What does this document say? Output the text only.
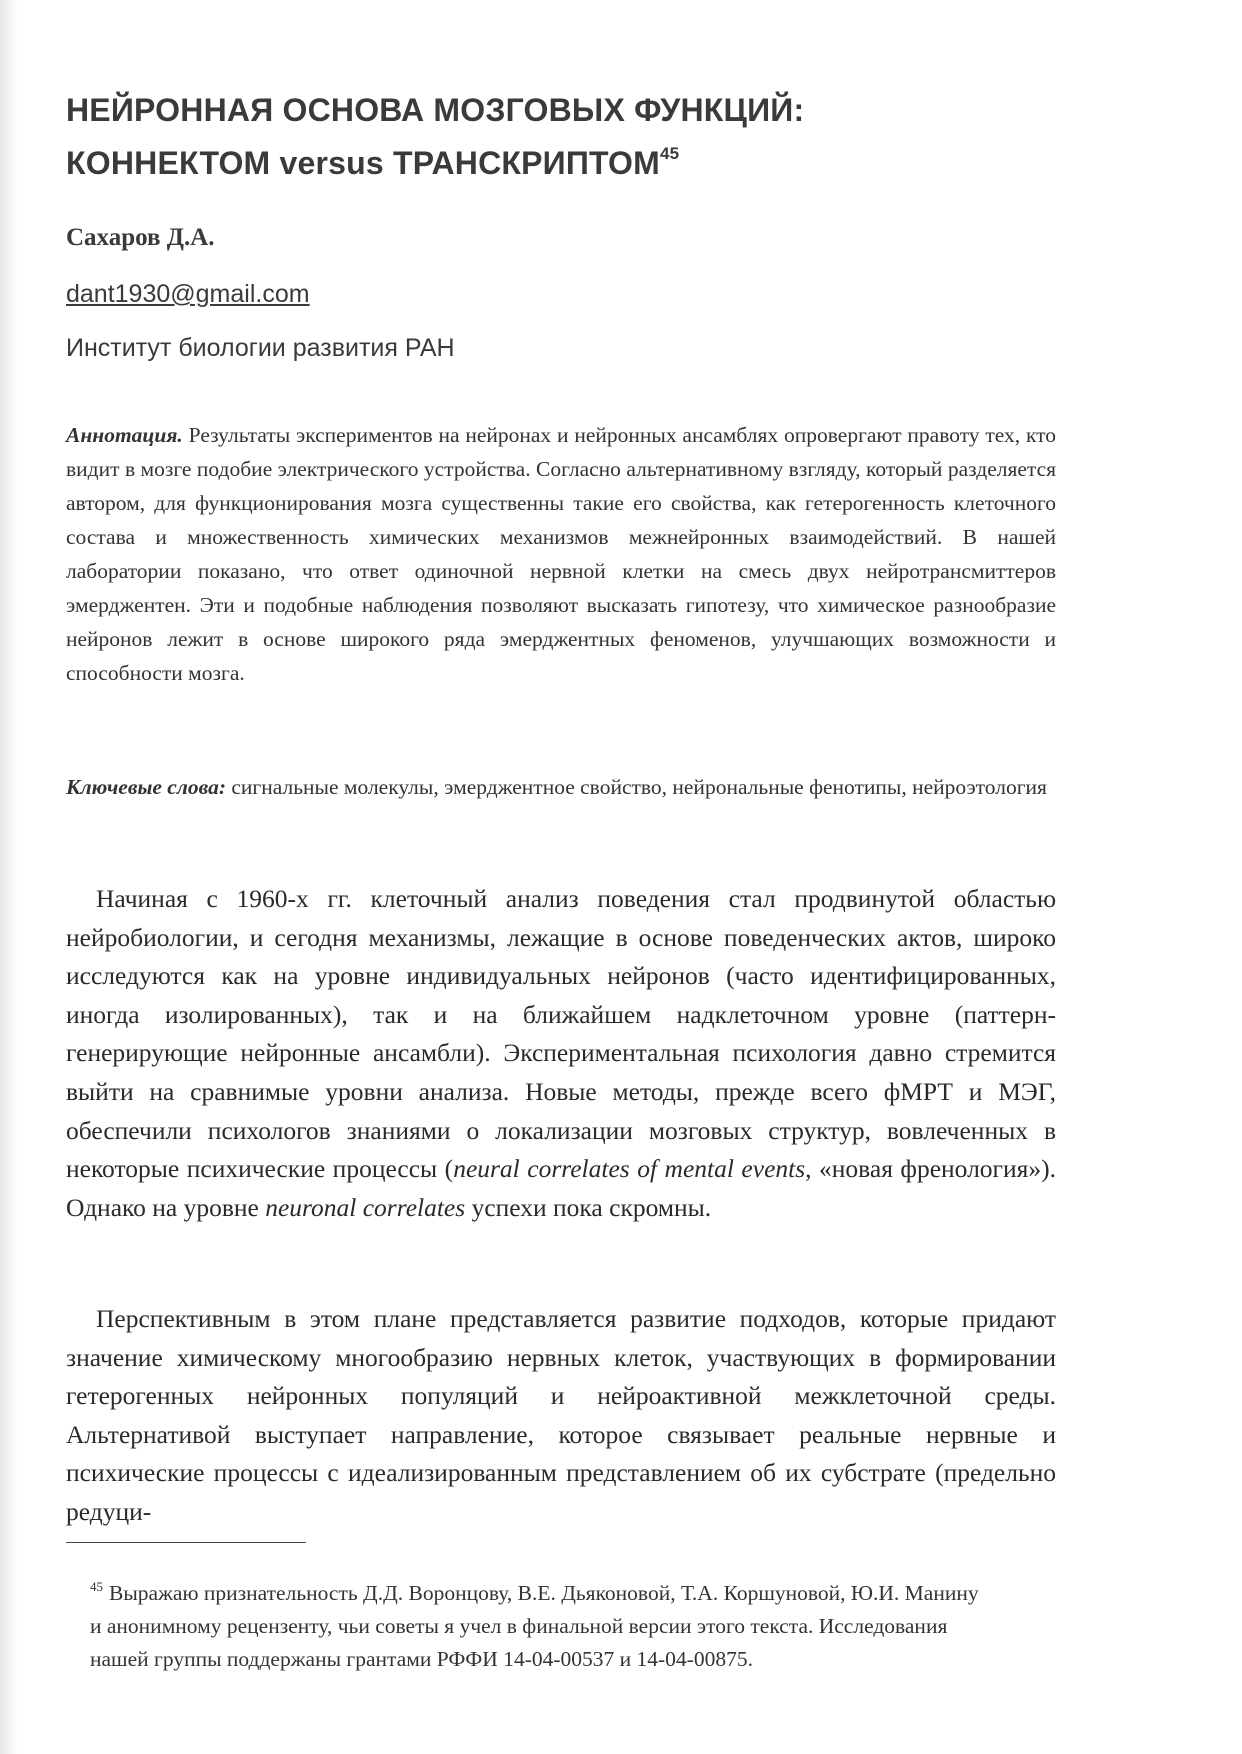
НЕЙРОННАЯ ОСНОВА МОЗГОВЫХ ФУНКЦИЙ:
КОННЕКТОМ versus ТРАНСКРИПТОМ$^{45}$

Сахаров Д.А.

dant1930@gmail.com

Институт биологии развития РАН

Аннотация. Результаты экспериментов на нейронах и нейронных ансамблях опровергают правоту тех, кто видит в мозге подобие электрического устройства. Согласно альтернативному взгляду, который разделяется автором, для функционирования мозга существенны такие его свойства, как гетерогенность клеточного состава и множественность химических механизмов межнейронных взаимодействий. В нашей лаборатории показано, что ответ одиночной нервной клетки на смесь двух нейротрансмиттеров эмерджентен. Эти и подобные наблюдения позволяют высказать гипотезу, что химическое разнообразие нейронов лежит в основе широкого ряда эмерджентных феноменов, улучшающих возможности и способности мозга.

Ключевые слова: сигнальные молекулы, эмерджентное свойство, нейрональные фенотипы, нейроэтология

Начиная с 1960-х гг. клеточный анализ поведения стал продвинутой областью нейробиологии, и сегодня механизмы, лежащие в основе поведенческих актов, широко исследуются как на уровне индивидуальных нейронов (часто идентифицированных, иногда изолированных), так и на ближайшем надклеточном уровне (паттерн-генерирующие нейронные ансамбли). Экспериментальная психология давно стремится выйти на сравнимые уровни анализа. Новые методы, прежде всего фМРТ и МЭГ, обеспечили психологов знаниями о локализации мозговых структур, вовлеченных в некоторые психические процессы (neural correlates of mental events, «новая френология»). Однако на уровне neuronal correlates успехи пока скромны.

Перспективным в этом плане представляется развитие подходов, которые придают значение химическому многообразию нервных клеток, участвующих в формировании гетерогенных нейронных популяций и нейроактивной межклеточной среды. Альтернативой выступает направление, которое связывает реальные нервные и психические процессы с идеализированным представлением об их субстрате (предельно редуци-

$^{45}$ Выражаю признательность Д.Д. Воронцову, В.Е. Дьяконовой, Т.А. Коршуновой, Ю.И. Манину и анонимному рецензенту, чьи советы я учел в финальной версии этого текста. Исследования нашей группы поддержаны грантами РФФИ 14-04-00537 и 14-04-00875.
